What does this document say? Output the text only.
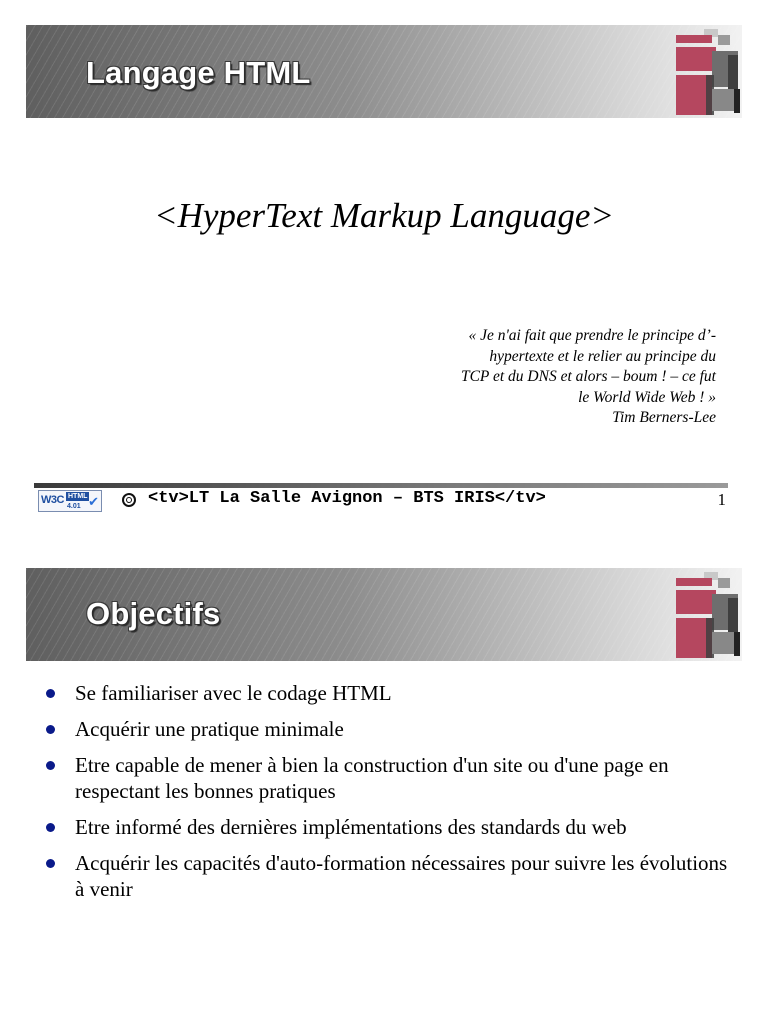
Langage HTML
<HyperText Markup Language>
« Je n'ai fait que prendre le principe d’-
hypertexte et le relier au principe du
TCP et du DNS et alors – boum ! – ce fut
le World Wide Web ! »
Tim Berners-Lee
W3C HTML
4.01 ✔	<tv>LT La Salle Avignon – BTS IRIS</tv>	1
Objectifs
Se familiariser avec le codage HTML
Acquérir une pratique minimale
Etre capable de mener à bien la construction d'un site ou d'une page en respectant les bonnes pratiques
Etre informé des dernières implémentations des standards du web
Acquérir les capacités d'auto-formation nécessaires pour suivre les évolutions à venir
